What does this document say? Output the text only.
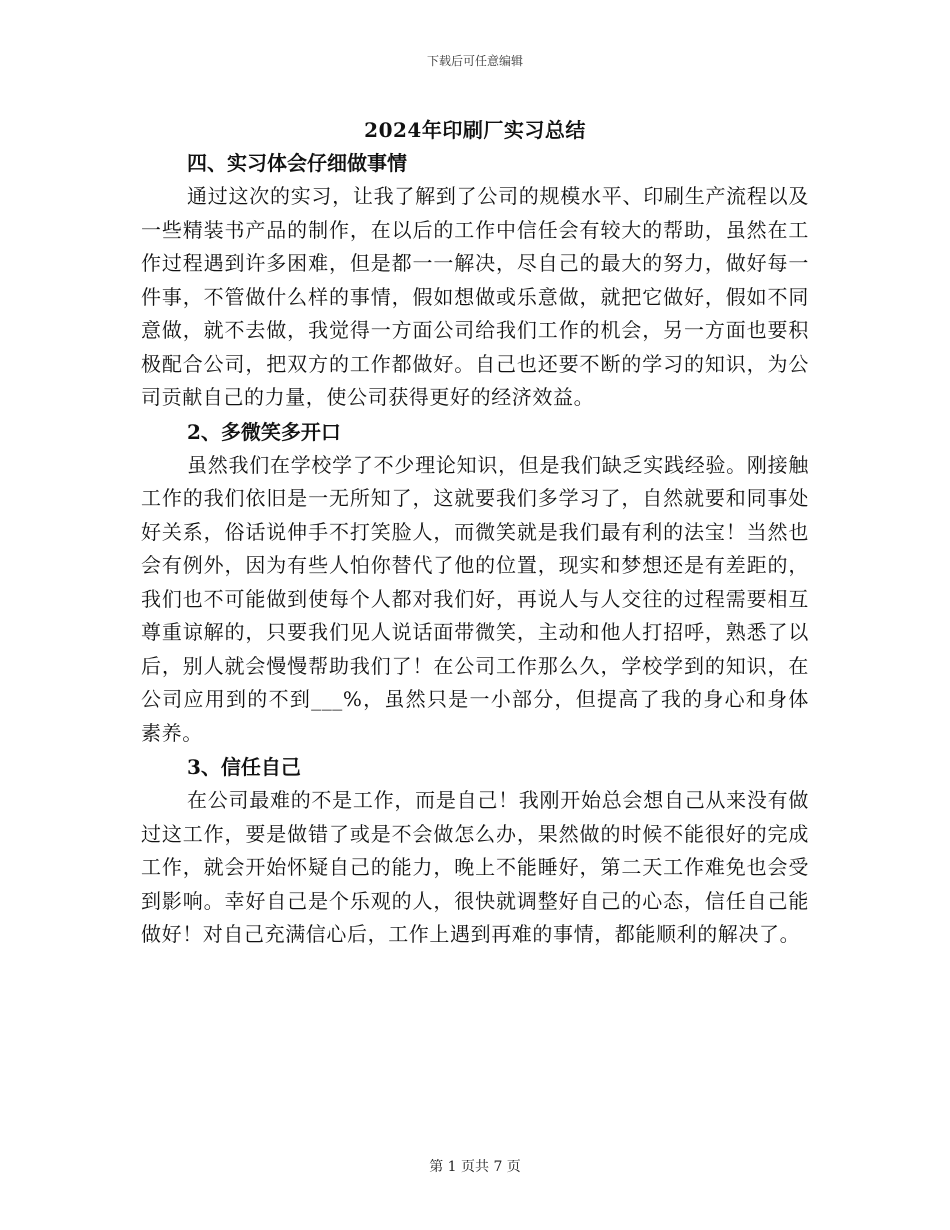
下载后可任意编辑
2024年印刷厂实习总结

四、实习体会仔细做事情

通过这次的实习，让我了解到了公司的规模水平、印刷生产流程以及一些精装书产品的制作，在以后的工作中信任会有较大的帮助，虽然在工作过程遇到许多困难，但是都一一解决，尽自己的最大的努力，做好每一件事，不管做什么样的事情，假如想做或乐意做，就把它做好，假如不同意做，就不去做，我觉得一方面公司给我们工作的机会，另一方面也要积极配合公司，把双方的工作都做好。自己也还要不断的学习的知识，为公司贡献自己的力量，使公司获得更好的经济效益。

2、多微笑多开口

虽然我们在学校学了不少理论知识，但是我们缺乏实践经验。刚接触工作的我们依旧是一无所知了，这就要我们多学习了，自然就要和同事处好关系，俗话说伸手不打笑脸人，而微笑就是我们最有利的法宝！当然也会有例外，因为有些人怕你替代了他的位置，现实和梦想还是有差距的，我们也不可能做到使每个人都对我们好，再说人与人交往的过程需要相互尊重谅解的，只要我们见人说话面带微笑，主动和他人打招呼，熟悉了以后，别人就会慢慢帮助我们了！在公司工作那么久，学校学到的知识，在公司应用到的不到___%，虽然只是一小部分，但提高了我的身心和身体素养。

3、信任自己

在公司最难的不是工作，而是自己！我刚开始总会想自己从来没有做过这工作，要是做错了或是不会做怎么办，果然做的时候不能很好的完成工作，就会开始怀疑自己的能力，晚上不能睡好，第二天工作难免也会受到影响。幸好自己是个乐观的人，很快就调整好自己的心态，信任自己能做好！对自己充满信心后，工作上遇到再难的事情，都能顺利的解决了。

第 1 页共 7 页
